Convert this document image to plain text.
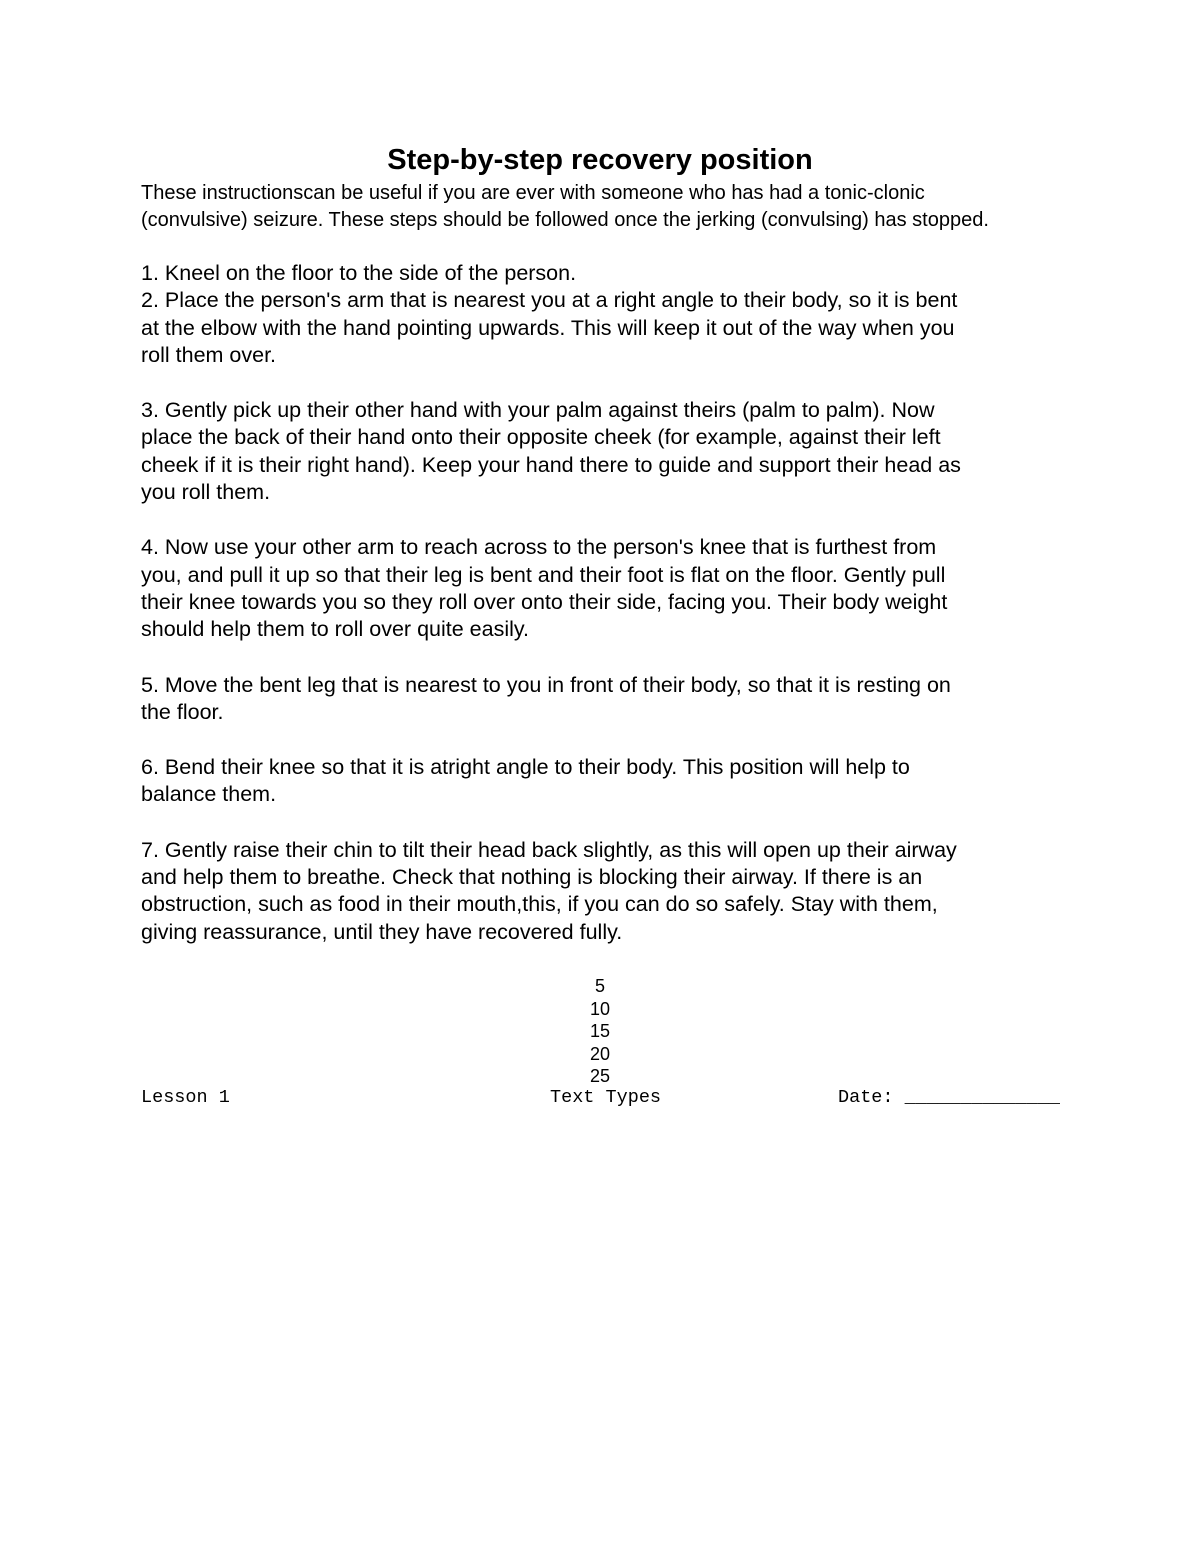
Step-by-step recovery position

These instructionscan be useful if you are ever with someone who has had a tonic-clonic
(convulsive) seizure. These steps should be followed once the jerking (convulsing) has stopped.

1. Kneel on the floor to the side of the person.

2. Place the person's arm that is nearest you at a right angle to their body, so it is bent
at the elbow with the hand pointing upwards. This will keep it out of the way when you
roll them over.

3. Gently pick up their other hand with your palm against theirs (palm to palm). Now
place the back of their hand onto their opposite cheek (for example, against their left
cheek if it is their right hand). Keep your hand there to guide and support their head as
you roll them.

4. Now use your other arm to reach across to the person's knee that is furthest from
you, and pull it up so that their leg is bent and their foot is flat on the floor. Gently pull
their knee towards you so they roll over onto their side, facing you. Their body weight
should help them to roll over quite easily.

5. Move the bent leg that is nearest to you in front of their body, so that it is resting on
the floor.

6. Bend their knee so that it is atright angle to their body. This position will help to
balance them.

7. Gently raise their chin to tilt their head back slightly, as this will open up their airway
and help them to breathe. Check that nothing is blocking their airway. If there is an
obstruction, such as food in their mouth,this, if you can do so safely. Stay with them,
giving reassurance, until they have recovered fully.

5
10
15
20
25
Lesson 1	Text Types	Date: ______________
